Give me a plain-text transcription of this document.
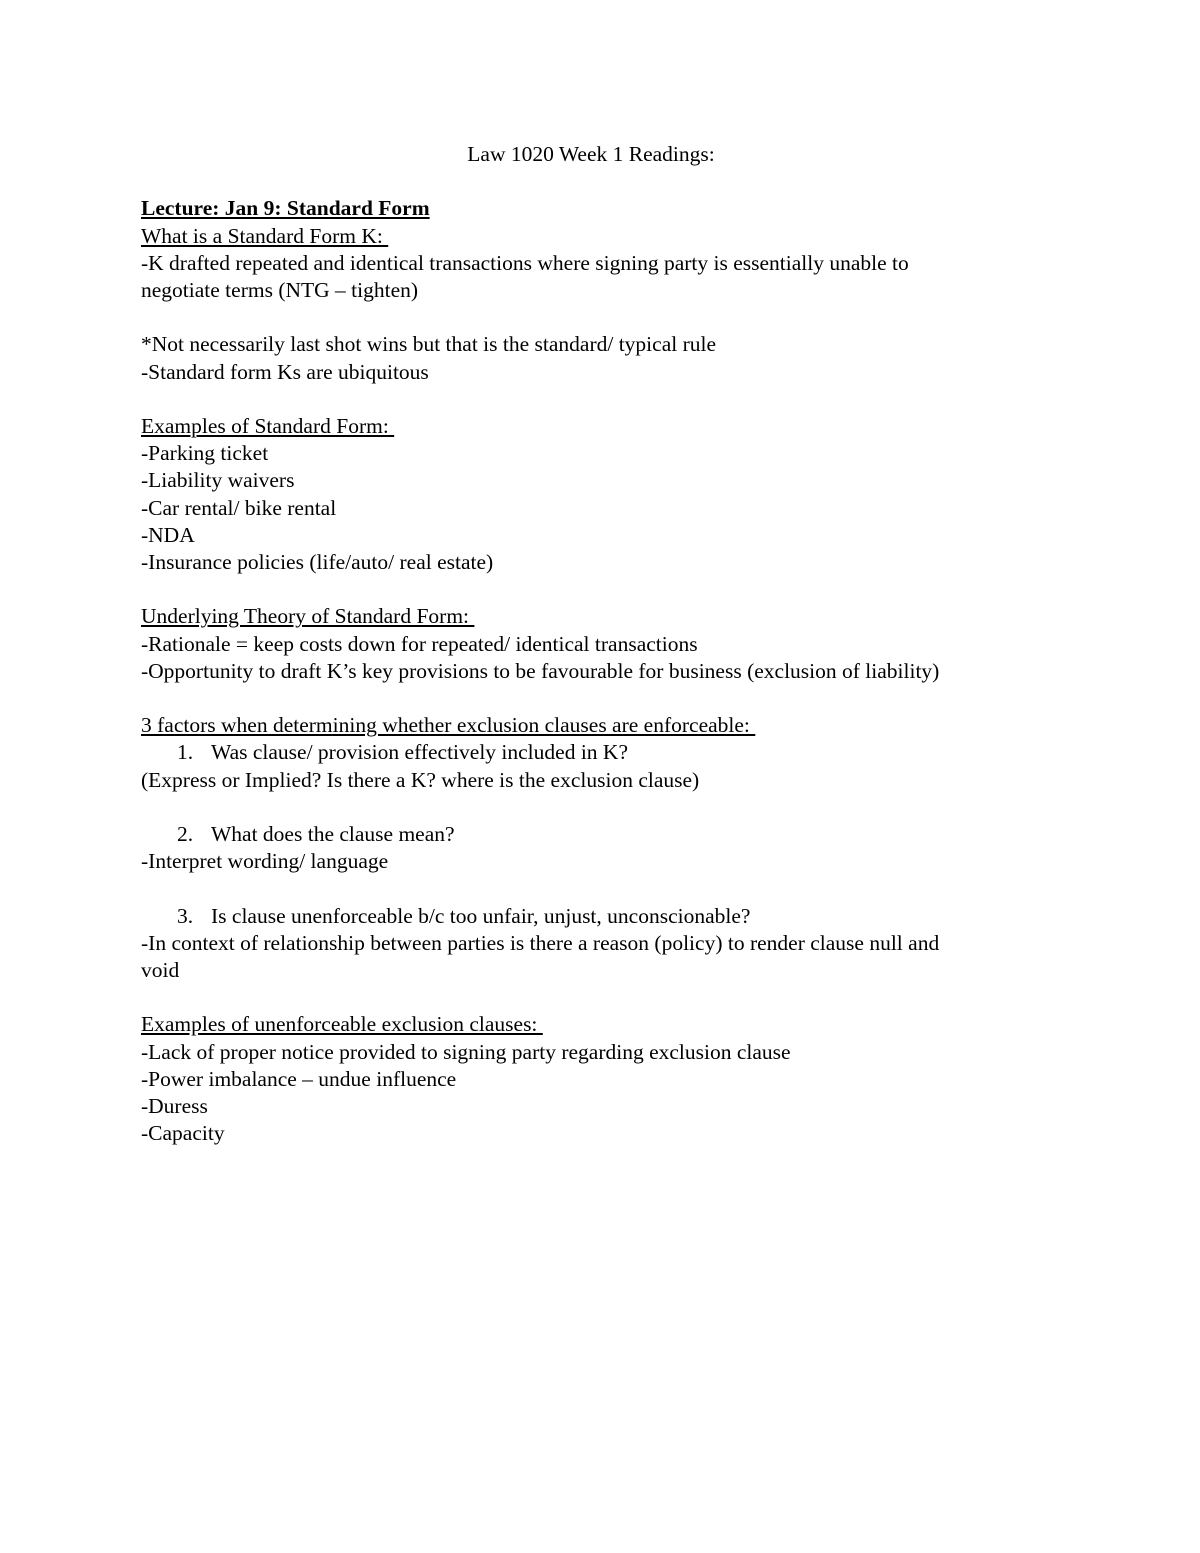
Law 1020 Week 1 Readings:
Lecture: Jan 9: Standard Form
What is a Standard Form K:
-K drafted repeated and identical transactions where signing party is essentially unable to
negotiate terms (NTG – tighten)
*Not necessarily last shot wins but that is the standard/ typical rule
-Standard form Ks are ubiquitous
Examples of Standard Form:
-Parking ticket
-Liability waivers
-Car rental/ bike rental
-NDA
-Insurance policies (life/auto/ real estate)
Underlying Theory of Standard Form:
-Rationale = keep costs down for repeated/ identical transactions
-Opportunity to draft K’s key provisions to be favourable for business (exclusion of liability)
3 factors when determining whether exclusion clauses are enforceable:
1. Was clause/ provision effectively included in K?
(Express or Implied? Is there a K? where is the exclusion clause)
2. What does the clause mean?
-Interpret wording/ language
3. Is clause unenforceable b/c too unfair, unjust, unconscionable?
-In context of relationship between parties is there a reason (policy) to render clause null and
void
Examples of unenforceable exclusion clauses:
-Lack of proper notice provided to signing party regarding exclusion clause
-Power imbalance – undue influence
-Duress
-Capacity
